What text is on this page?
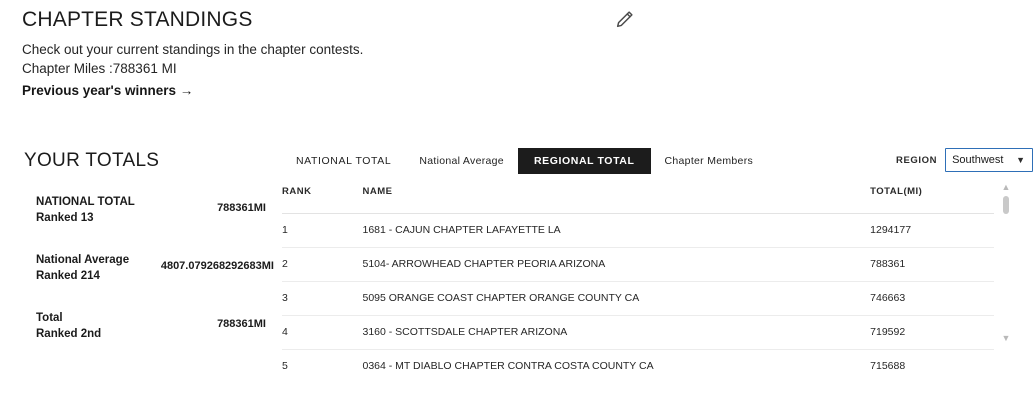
CHAPTER STANDINGS

Check out your current standings in the chapter contests.

Chapter Miles :788361 MI

Previous year's winners →
YOUR TOTALS
NATIONAL TOTAL
Ranked 13
788361MI
National Average
Ranked 214
4807.079268292683MI
Total
Ranked 2nd
788361MI
NATIONAL TOTAL	National Average	REGIONAL TOTAL	Chapter Members	REGION
Southwest	▼
RANK	NAME	TOTAL(MI)
1	1681 - CAJUN CHAPTER LAFAYETTE LA	1294177
2	5104- ARROWHEAD CHAPTER PEORIA ARIZONA	788361
3	5095 ORANGE COAST CHAPTER ORANGE COUNTY CA	746663
4	3160 - SCOTTSDALE CHAPTER ARIZONA	719592
5	0364 - MT DIABLO CHAPTER CONTRA COSTA COUNTY CA	715688
▲
▼
